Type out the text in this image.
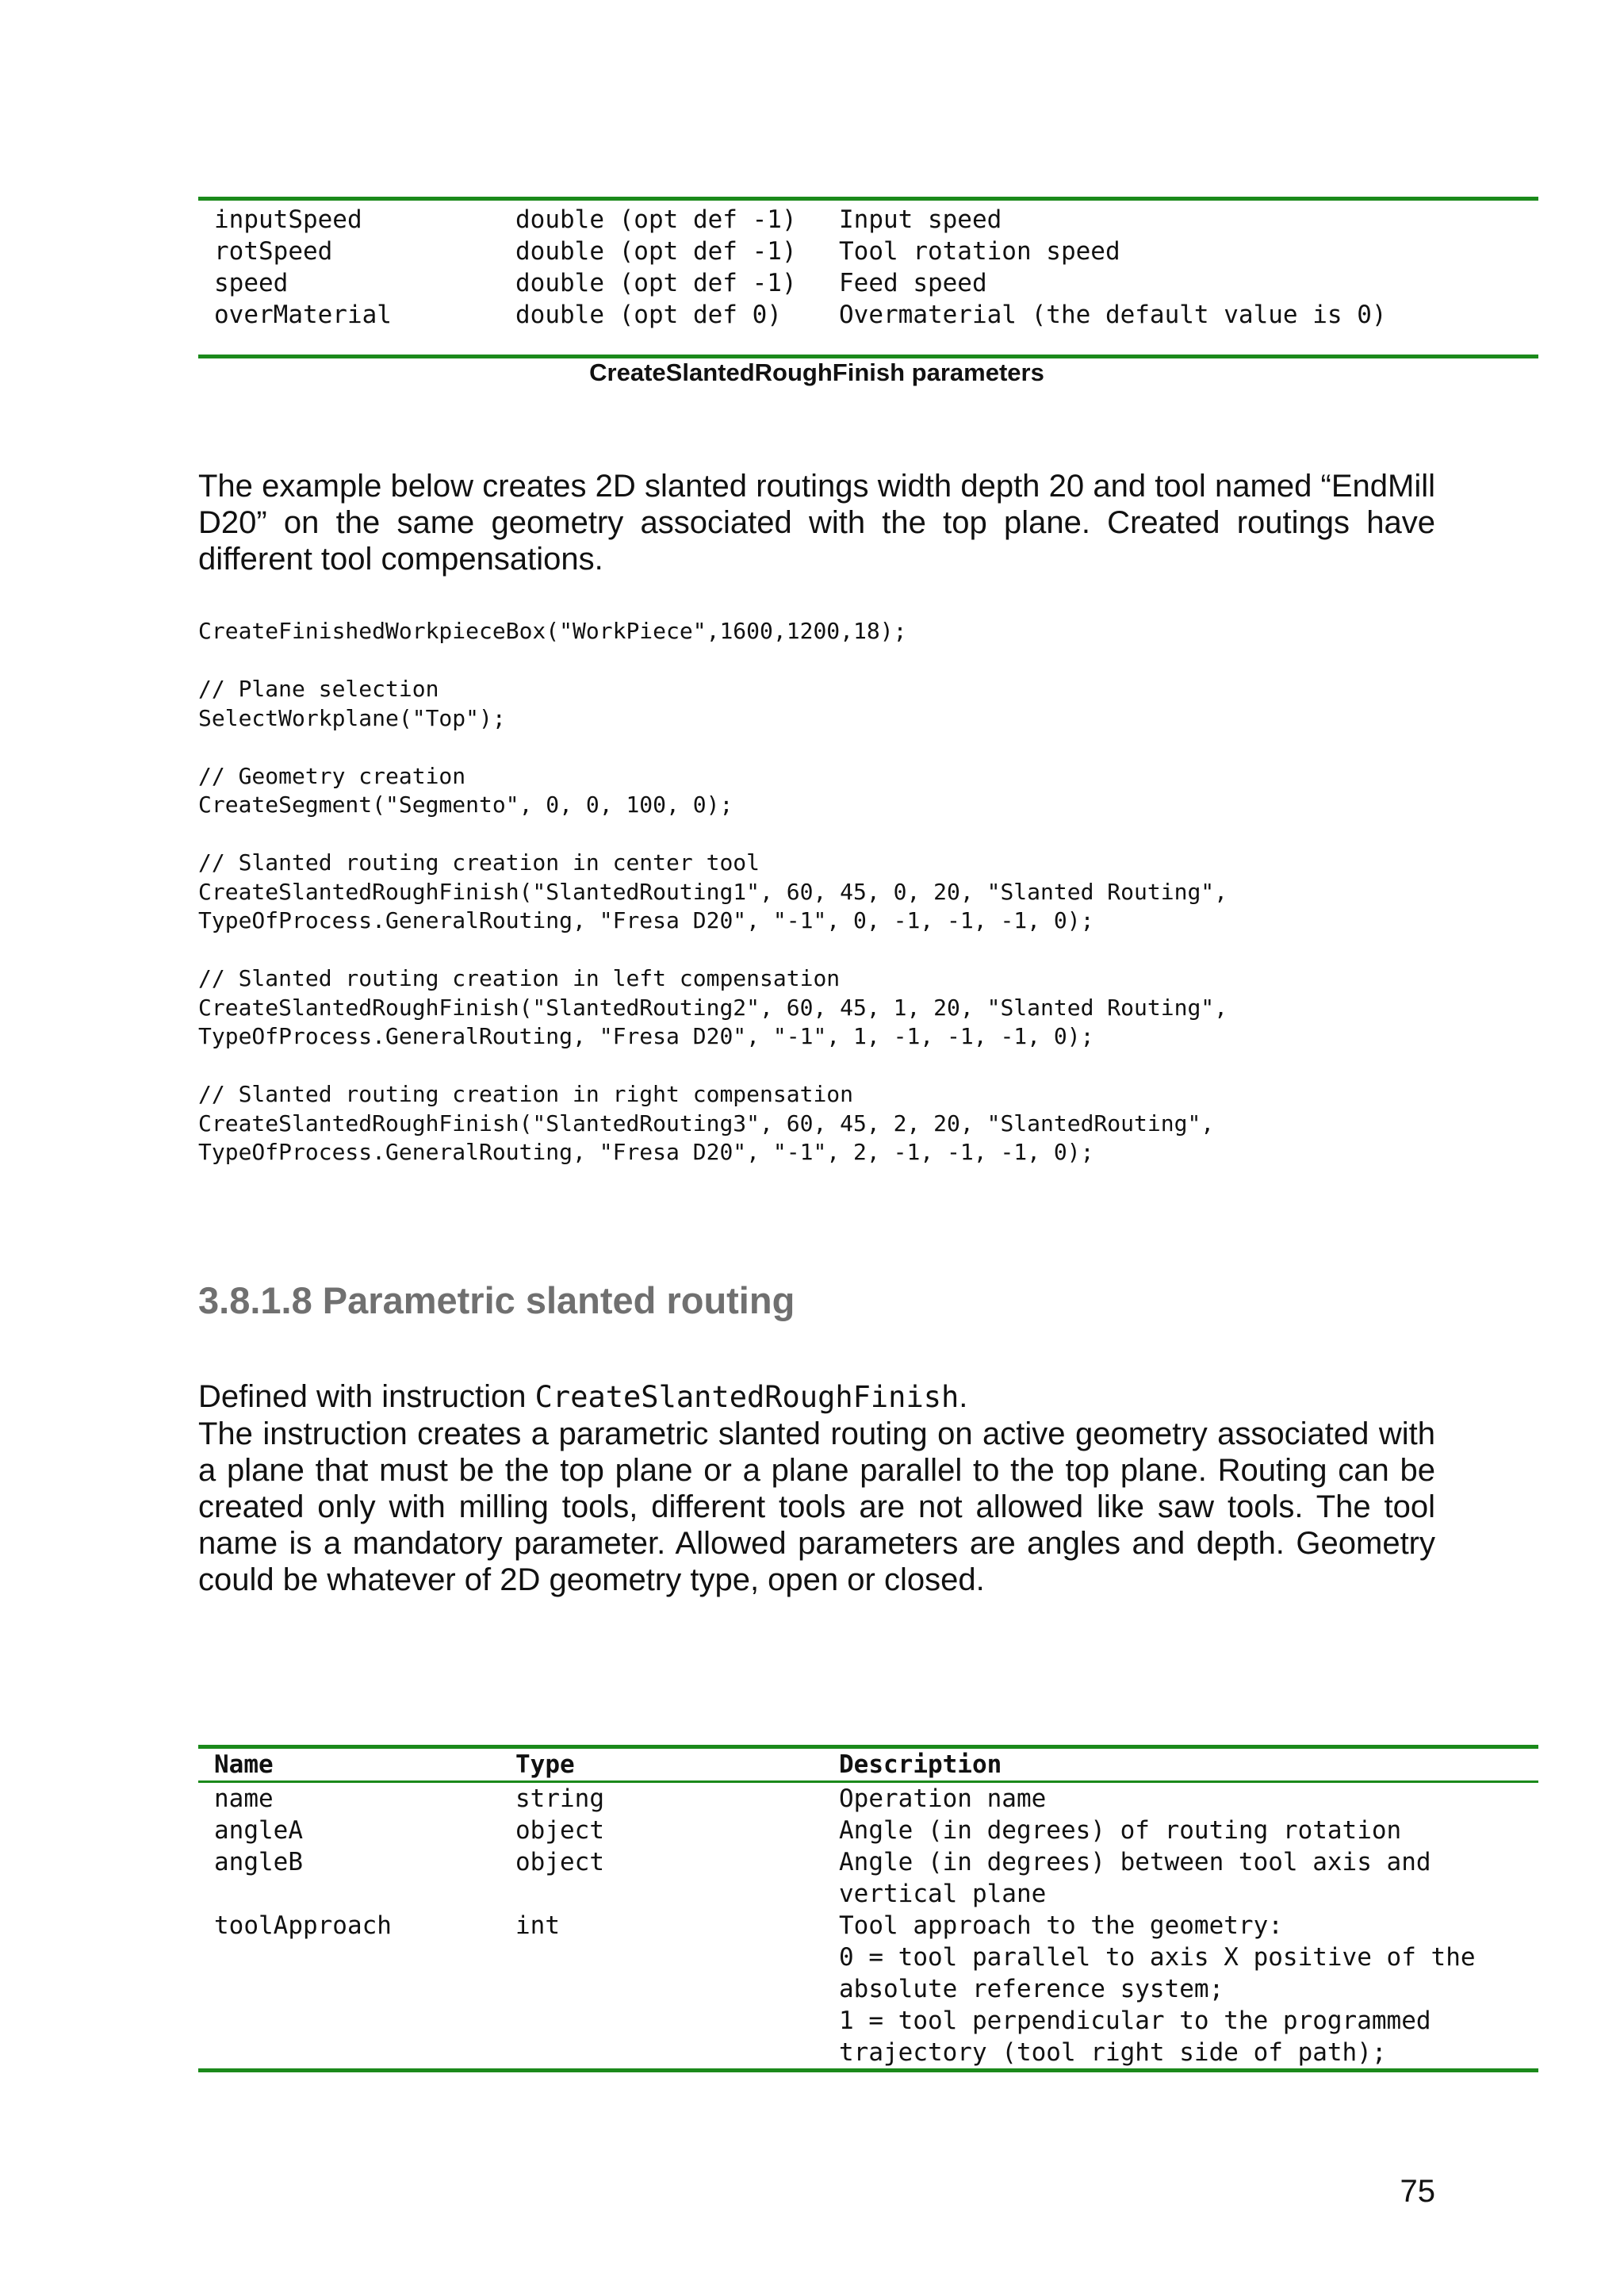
inputSpeed	double (opt def -1)	Input speed
rotSpeed	double (opt def -1)	Tool rotation speed
speed	double (opt def -1)	Feed speed
overMaterial	double (opt def 0)	Overmaterial (the default value is 0)
CreateSlantedRoughFinish parameters

The example below creates 2D slanted routings width depth 20 and tool named “EndMill D20” on the same geometry associated with the top plane. Created routings have different tool compensations.

CreateFinishedWorkpieceBox("WorkPiece",1600,1200,18);

// Plane selection
SelectWorkplane("Top");

// Geometry creation
CreateSegment("Segmento", 0, 0, 100, 0);

// Slanted routing creation in center tool
CreateSlantedRoughFinish("SlantedRouting1", 60, 45, 0, 20, "Slanted Routing",
TypeOfProcess.GeneralRouting, "Fresa D20", "-1", 0, -1, -1, -1, 0);

// Slanted routing creation in left compensation
CreateSlantedRoughFinish("SlantedRouting2", 60, 45, 1, 20, "Slanted Routing",
TypeOfProcess.GeneralRouting, "Fresa D20", "-1", 1, -1, -1, -1, 0);

// Slanted routing creation in right compensation
CreateSlantedRoughFinish("SlantedRouting3", 60, 45, 2, 20, "SlantedRouting",
TypeOfProcess.GeneralRouting, "Fresa D20", "-1", 2, -1, -1, -1, 0);
3.8.1.8 Parametric slanted routing

Defined with instruction CreateSlantedRoughFinish.
The instruction creates a parametric slanted routing on active geometry associated with a plane that must be the top plane or a plane parallel to the top plane. Routing can be created only with milling tools, different tools are not allowed like saw tools. The tool name is a mandatory parameter. Allowed parameters are angles and depth. Geometry could be whatever of 2D geometry type, open or closed.

Name	Type	Description
name	string	Operation name
angleA	object	Angle (in degrees) of routing rotation
angleB	object	Angle (in degrees) between tool axis and
vertical plane
toolApproach	int	Tool approach to the geometry:
0 = tool parallel to axis X positive of the
absolute reference system;
1 = tool perpendicular to the programmed
trajectory (tool right side of path);
75
